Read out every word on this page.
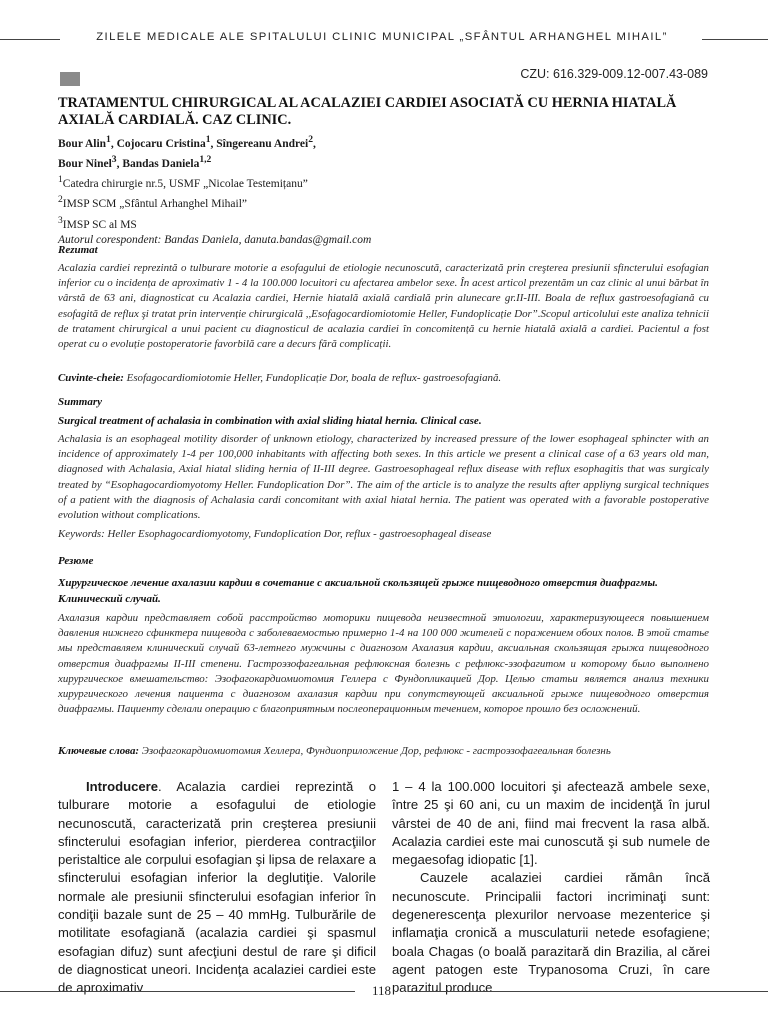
ZILELE MEDICALE ALE SPITALULUI CLINIC MUNICIPAL „SFÂNTUL ARHANGHEL MIHAIL”
CZU: 616.329-009.12-007.43-089
TRATAMENTUL CHIRURGICAL AL ACALAZIEI CARDIEI ASOCIATĂ CU HERNIA HIATALĂ AXIALĂ CARDIALĂ. CAZ CLINIC.
Bour Alin$^1$, Cojocaru Cristina$^1$, Sîngereanu Andrei$^2$,
Bour Ninel$^3$, Bandas Daniela$^{1,2}$
$^1$Catedra chirurgie nr.5, USMF „Nicolae Testemițanu”
$^2$IMSP SCM „Sfântul Arhanghel Mihail”
$^3$IMSP SC al MS
Autorul corespondent: Bandas Daniela, danuta.bandas@gmail.com
Rezumat
Acalazia cardiei reprezintă o tulburare motorie a esofagului de etiologie necunoscută, caracterizată prin creşterea presiunii sfincterului esofagian inferior cu o incidența de aproximativ 1 - 4 la 100.000 locuitori cu afectarea ambelor sexe. În acest articol prezentăm un caz clinic al unui bărbat în vârstă de 63 ani, diagnosticat cu Acalazia cardiei, Hernie hiatală axială cardială prin alunecare gr.II-III. Boala de reflux gastroesofagiană cu esofagită de reflux şi tratat prin intervenție chirurgicală ,,Esofagocardiomiotomie Heller, Fundoplicație Dor”.Scopul articolului este analiza tehnicii de tratament chirurgical a unui pacient cu diagnosticul de acalazia cardiei în concomitență cu hernie hiatală axială a cardiei. Pacientul a fost operat cu o evoluție postoperatorie favorbilă care a decurs fără complicații.
Cuvinte-cheie: Esofagocardiomiotomie Heller, Fundoplicație Dor, boala de reflux- gastroesofagiană.
Summary
Surgical treatment of achalasia in combination with axial sliding hiatal hernia. Clinical case.
Achalasia is an esophageal motility disorder of unknown etiology, characterized by increased pressure of the lower esophageal sphincter with an incidence of approximately 1-4 per 100,000 inhabitants with affecting both sexes. In this article we present a clinical case of a 63 years old man, diagnosed with Achalasia, Axial hiatal sliding hernia of II-III degree. Gastroesophageal reflux disease with reflux esophagitis that was surgicaly treated by “Esophagocardiomyotomy Heller. Fundoplication Dor”. The aim of the article is to analyze the results after appliyng surgical techniques of a patient with the diagnosis of Achalasia cardi concomitant with axial hiatal hernia. The patient was operated with a favorable postoperative evolution without complications.
Keywords: Heller Esophagocardiomyotomy, Fundoplication Dor, reflux - gastroesophageal disease
Резюме
Хирургическое лечение ахалазии кардии в сочетание с аксиальной скользящей грыже пищеводного отверстия диафрагмы. Клинический случай.
Ахалазия кардии представляет собой расстройство моторики пищевода неизвестной этиологии, характеризующееся повышением давления нижнего сфинктера пищевода с заболеваемостью примерно 1-4 на 100 000 жителей с поражением обоих полов. В этой статье мы представляем клинический случай 63-летнего мужчины с диагнозом Ахалазия кардии, аксиальная скользящая грыжа пищеводного отверстия диафрагмы II-III степени. Гастроэзофагеальная рефлюксная болезнь с рефлюкс-эзофагитом и которому было выполнено хирургическое вмешательство: Эзофагокардиомиотомия Геллера с Фундопликацией Дор. Целью статьи является анализ техники хирургического лечения пациента с диагнозом ахалазия кардии при сопутствующей аксиальной грыже пищеводного отверстия диафрагмы. Пациенту сделали операцию с благоприятным послеоперационным течением, которое прошло без осложнений.
Ключевые слова: Эзофагокардиомиотомия Хеллера, Фундиоприложение Дор, рефлюкс - гастроэзофагеальная болезнь

Introducere. Acalazia cardiei reprezintă o tulburare motorie a esofagului de etiologie necunoscută, caracterizată prin creşterea presiunii sfincterului esofagian inferior, pierderea contracţiilor peristaltice ale corpului esofagian şi lipsa de relaxare a sfincterului esofagian inferior la deglutiţie. Valorile normale ale presiunii sfincterului esofagian inferior în condiţii bazale sunt de 25 – 40 mmHg. Tulburările de motilitate esofagiană (acalazia cardiei şi spasmul esofagian difuz) sunt afecţiuni destul de rare şi dificil de diagnosticat uneori. Incidenţa acalaziei cardiei este de aproximativ

1 – 4 la 100.000 locuitori şi afectează ambele sexe, între 25 şi 60 ani, cu un maxim de incidenţă în jurul vârstei de 40 de ani, fiind mai frecvent la rasa albă. Acalazia cardiei este mai cunoscută şi sub numele de megaesofag idiopatic [1].

Cauzele acalaziei cardiei rămân încă necunoscute. Principalii factori incriminaţi sunt: degenerescenţa plexurilor nervoase mezenterice şi inflamaţia cronică a musculaturii netede esofagiene; boala Chagas (o boală parazitară din Brazilia, al cărei agent patogen este Trypanosoma Cruzi, în care parazitul produce

118
